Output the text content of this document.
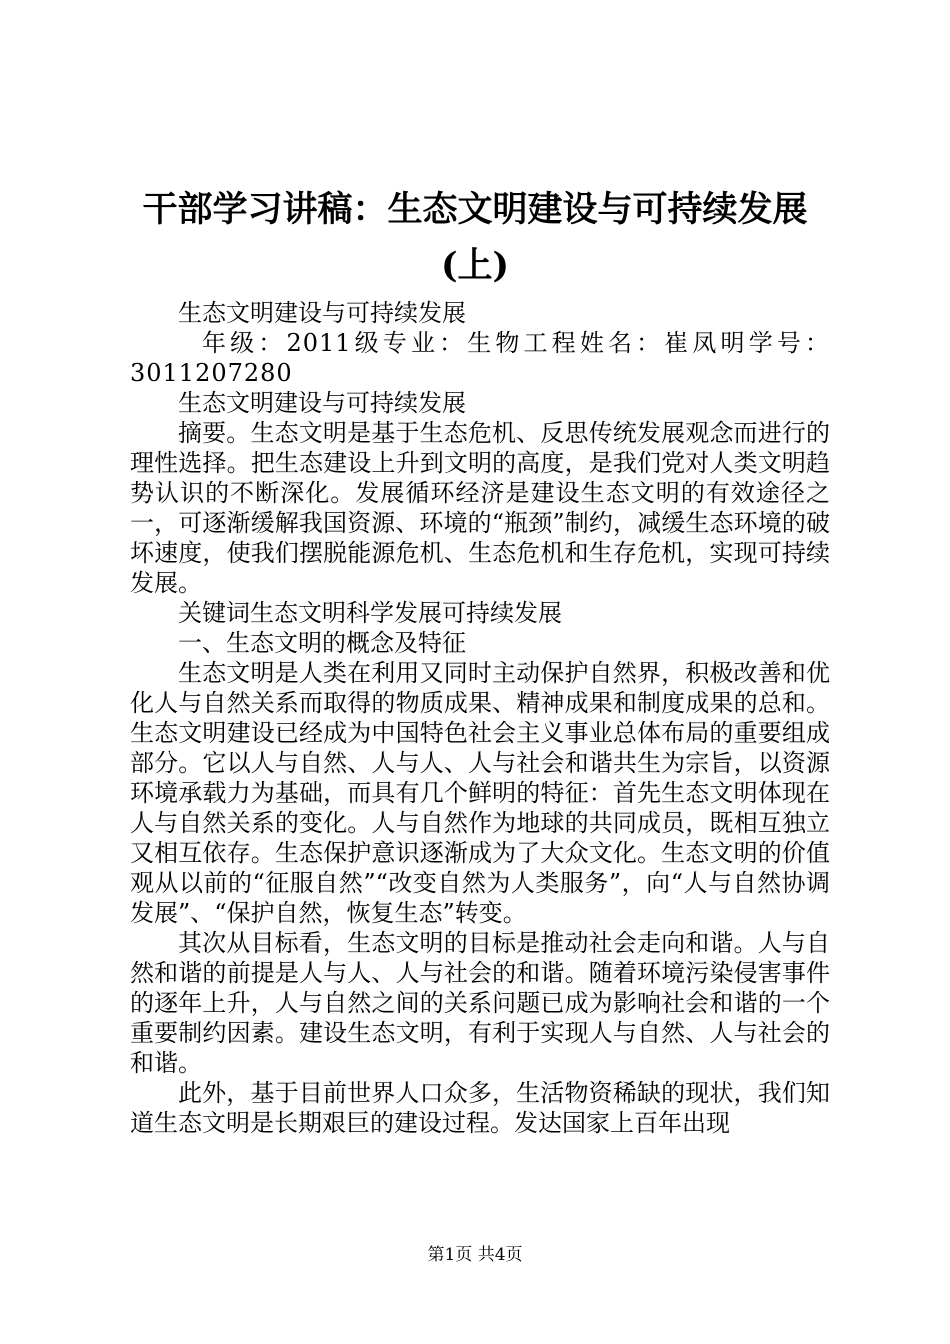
干部学习讲稿：生态文明建设与可持续发展
(上)

生态文明建设与可持续发展

年级：2011级专业：生物工程姓名：崔凤明学号：3011207280

生态文明建设与可持续发展

摘要。生态文明是基于生态危机、反思传统发展观念而进行的理性选择。把生态建设上升到文明的高度，是我们党对人类文明趋势认识的不断深化。发展循环经济是建设生态文明的有效途径之一，可逐渐缓解我国资源、环境的“瓶颈”制约，减缓生态环境的破坏速度，使我们摆脱能源危机、生态危机和生存危机，实现可持续发展。

关键词生态文明科学发展可持续发展

一、生态文明的概念及特征

生态文明是人类在利用又同时主动保护自然界，积极改善和优化人与自然关系而取得的物质成果、精神成果和制度成果的总和。生态文明建设已经成为中国特色社会主义事业总体布局的重要组成部分。它以人与自然、人与人、人与社会和谐共生为宗旨，以资源环境承载力为基础，而具有几个鲜明的特征：首先生态文明体现在人与自然关系的变化。人与自然作为地球的共同成员，既相互独立又相互依存。生态保护意识逐渐成为了大众文化。生态文明的价值观从以前的“征服自然”“改变自然为人类服务”，向“人与自然协调发展”、“保护自然，恢复生态”转变。

其次从目标看，生态文明的目标是推动社会走向和谐。人与自然和谐的前提是人与人、人与社会的和谐。随着环境污染侵害事件的逐年上升，人与自然之间的关系问题已成为影响社会和谐的一个重要制约因素。建设生态文明，有利于实现人与自然、人与社会的和谐。

此外，基于目前世界人口众多，生活物资稀缺的现状，我们知道生态文明是长期艰巨的建设过程。发达国家上百年出现

第1页 共4页
